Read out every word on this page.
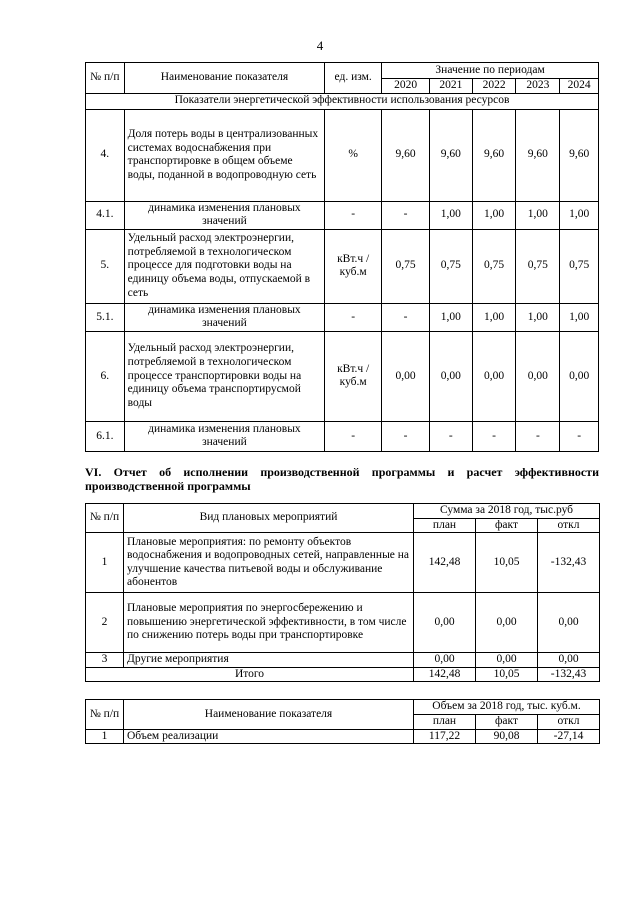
4
№ п/п	Наименование показателя	ед. изм.	Значение по периодам				
			2020	2021	2022	2023	2024
Показатели энергетической эффективности использования ресурсов							
4.	Доля потерь воды в централизованных системах водоснабжения при транспортировке в общем объеме воды, поданной в водопроводную сеть	%	9,60	9,60	9,60	9,60	9,60
4.1.	динамика изменения плановых значений	-	-	1,00	1,00	1,00	1,00
5.	Удельный расход электроэнергии, потребляемой в технологическом процессе для подготовки воды на единицу объема воды, отпускаемой в сеть	кВт.ч / куб.м	0,75	0,75	0,75	0,75	0,75
5.1.	динамика изменения плановых значений	-	-	1,00	1,00	1,00	1,00
6.	Удельный расход электроэнергии, потребляемой в технологическом процессе транспортировки воды на единицу объема транспортирусмой воды	кВт.ч / куб.м	0,00	0,00	0,00	0,00	0,00
6.1.	динамика изменения плановых значений	-	-	-	-	-	-
VI. Отчет об исполнении производственной программы и расчет эффективности производственной программы
№ п/п	Вид плановых мероприятий	Сумма за 2018 год, тыс.руб		
		план	факт	откл
1	Плановые мероприятия: по ремонту объектов водоснабжения и водопроводных сетей, направленные на улучшение качества питьевой воды и обслуживание абонентов	142,48	10,05	-132,43
2	Плановые мероприятия по энергосбережению и повышению энергетической эффективности, в том числе по снижению потерь воды при транспортировке	0,00	0,00	0,00
3	Другие мероприятия	0,00	0,00	0,00
Итого		142,48	10,05	-132,43
№ п/п	Наименование показателя	Объем за 2018 год, тыс. куб.м.		
		план	факт	откл
1	Объем реализации	117,22	90,08	-27,14
